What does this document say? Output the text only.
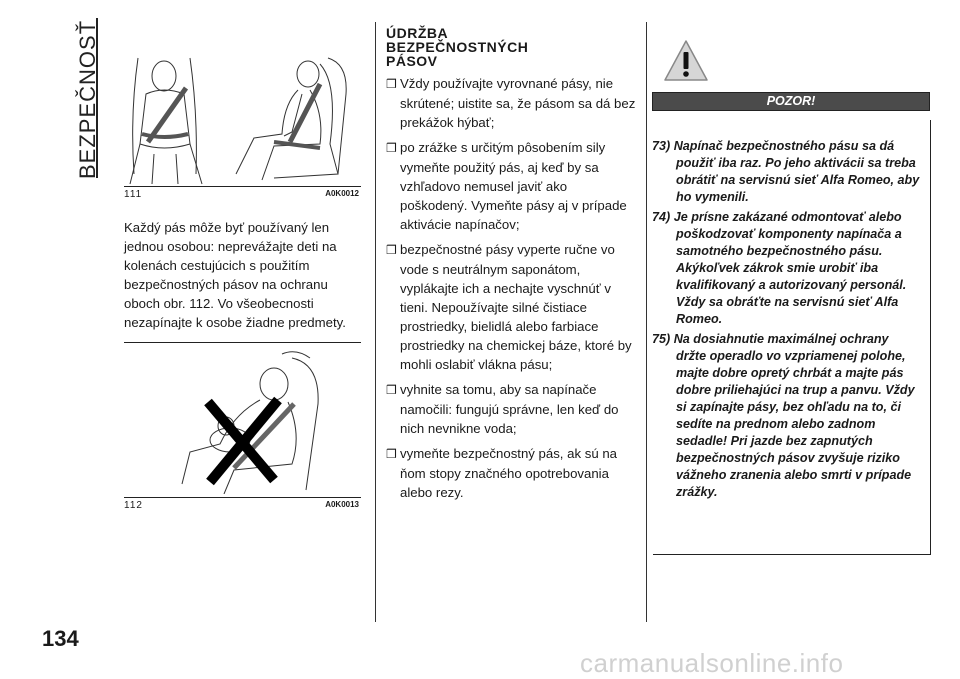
BEZPEČNOSŤ
111	A0K0012
Každý pás môže byť používaný len jednou osobou: neprevážajte deti na kolenách cestujúcich s použitím bezpečnostných pásov na ochranu oboch obr. 112. Vo všeobecnosti nezapínajte k osobe žiadne predmety.
112	A0K0013
ÚDRŽBA
BEZPEČNOSTNÝCH
PÁSOV
❒ Vždy používajte vyrovnané pásy, nie skrútené; uistite sa, že pásom sa dá bez prekážok hýbať;
❒ po zrážke s určitým pôsobením sily vymeňte použitý pás, aj keď by sa vzhľadovo nemusel javiť ako poškodený. Vymeňte pásy aj v prípade aktivácie napínačov;
❒ bezpečnostné pásy vyperte ručne vo vode s neutrálnym saponátom, vyplákajte ich a nechajte vyschnúť v tieni. Nepoužívajte silné čistiace prostriedky, bielidlá alebo farbiace prostriedky na chemickej báze, ktoré by mohli oslabiť vlákna pásu;
❒ vyhnite sa tomu, aby sa napínače namočili: fungujú správne, len keď do nich nevnikne voda;
❒ vymeňte bezpečnostný pás, ak sú na ňom stopy značného opotrebovania alebo rezy.
POZOR!
73) Napínač bezpečnostného pásu sa dá použiť iba raz. Po jeho aktivácii sa treba obrátiť na servisnú sieť Alfa Romeo, aby ho vymenili.
74) Je prísne zakázané odmontovať alebo poškodzovať komponenty napínača a samotného bezpečnostného pásu. Akýkoľvek zákrok smie urobiť iba kvalifikovaný a autorizovaný personál. Vždy sa obráťte na servisnú sieť Alfa Romeo.
75) Na dosiahnutie maximálnej ochrany držte operadlo vo vzpriamenej polohe, majte dobre opretý chrbát a majte pás dobre priliehajúci na trup a panvu. Vždy si zapínajte pásy, bez ohľadu na to, či sedíte na prednom alebo zadnom sedadle! Pri jazde bez zapnutých bezpečnostných pásov zvyšuje riziko vážneho zranenia alebo smrti v prípade zrážky.
134
carmanualsonline.info
